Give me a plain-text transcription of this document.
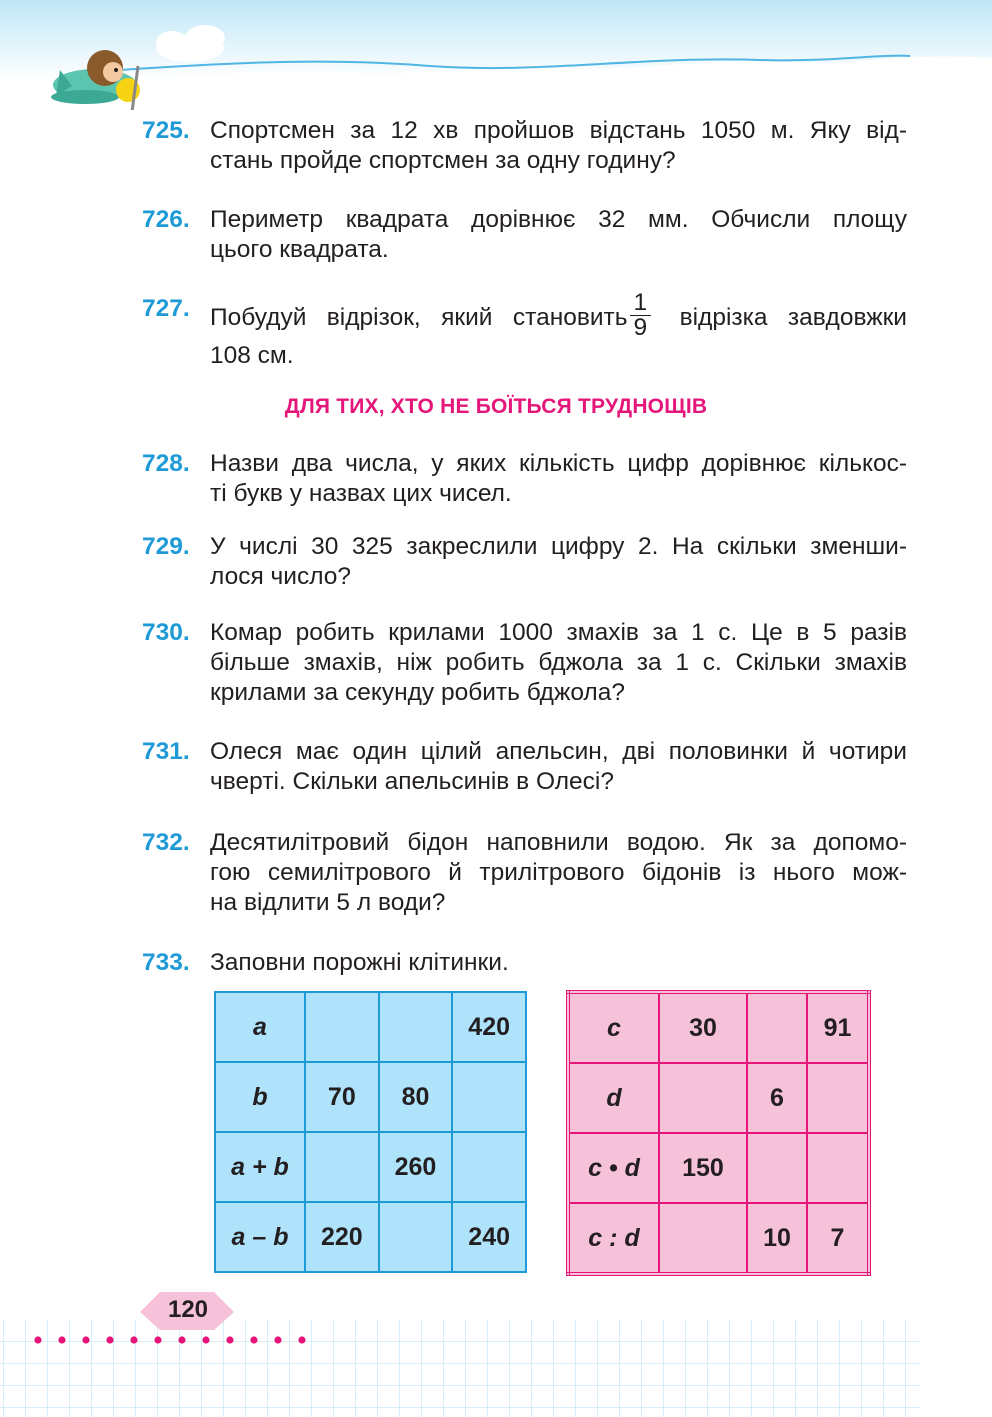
725. Спортсмен за 12 хв пройшов відстань 1050 м. Яку від-
стань пройде спортсмен за одну годину?
726. Периметр квадрата дорівнює 32 мм. Обчисли площу
цього квадрата.
727. Побудуй відрізок, який становить $\frac{1}{9}$ відрізка завдовжки
108 см.
ДЛЯ ТИХ, ХТО НЕ БОЇТЬСЯ ТРУДНОЩІВ
728. Назви два числа, у яких кількість цифр дорівнює кількос-
ті букв у назвах цих чисел.
729. У числі 30 325 закреслили цифру 2. На скільки зменши-
лося число?
730. Комар робить крилами 1000 змахів за 1 с. Це в 5 разів
більше змахів, ніж робить бджола за 1 с. Скільки змахів
крилами за секунду робить бджола?
731. Олеся має один цілий апельсин, дві половинки й чотири
чверті. Скільки апельсинів в Олесі?
732. Десятилітровий бідон наповнили водою. Як за допомо-
гою семилітрового й трилітрового бідонів із нього мож-
на відлити 5 л води?
733. Заповни порожні клітинки.
a			420
b	70	80	
a + b		260	
a – b	220		240
c	30		91
d		6	
c • d	150		
c : d		10	7
120
